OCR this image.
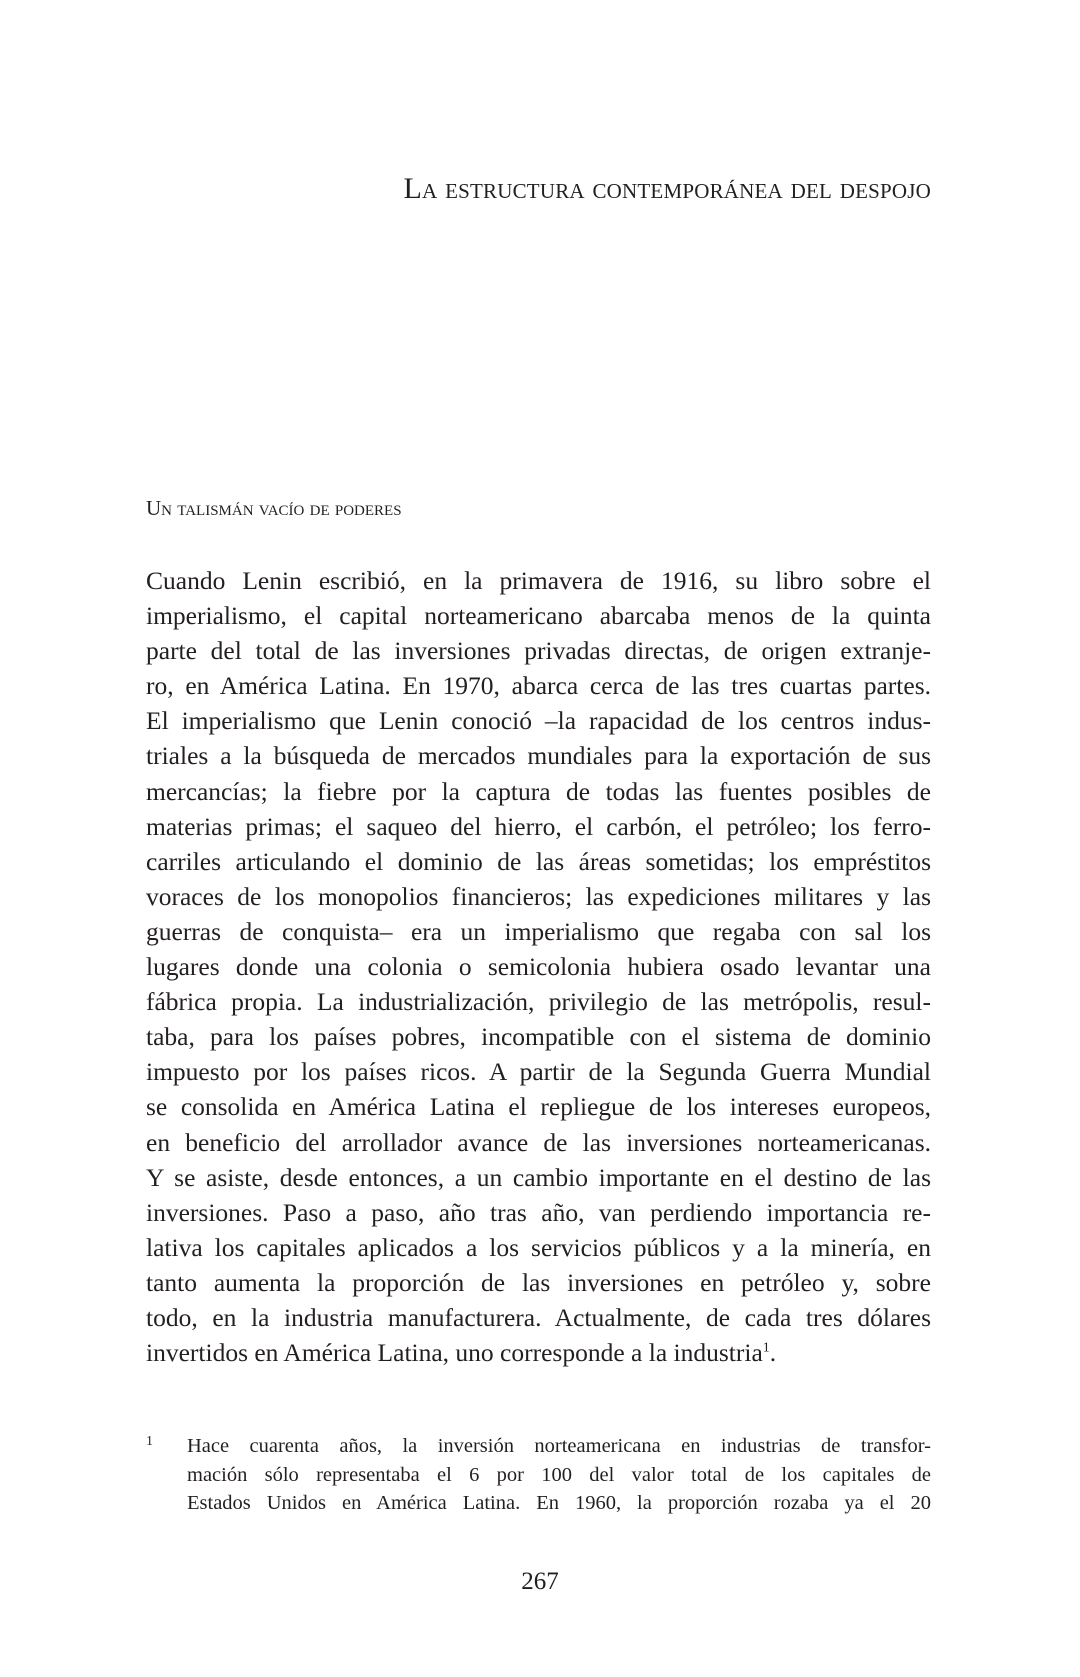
La estructura contemporánea del despojo
Un talismán vacío de poderes
Cuando Lenin escribió, en la primavera de 1916, su libro sobre el
imperialismo, el capital norteamericano abarcaba menos de la quinta
parte del total de las inversiones privadas directas, de origen extranje-
ro, en América Latina. En 1970, abarca cerca de las tres cuartas partes.
El imperialismo que Lenin conoció –la rapacidad de los centros indus-
triales a la búsqueda de mercados mundiales para la exportación de sus
mercancías; la fiebre por la captura de todas las fuentes posibles de
materias primas; el saqueo del hierro, el carbón, el petróleo; los ferro-
carriles articulando el dominio de las áreas sometidas; los empréstitos
voraces de los monopolios financieros; las expediciones militares y las
guerras de conquista– era un imperialismo que regaba con sal los
lugares donde una colonia o semicolonia hubiera osado levantar una
fábrica propia. La industrialización, privilegio de las metrópolis, resul-
taba, para los países pobres, incompatible con el sistema de dominio
impuesto por los países ricos. A partir de la Segunda Guerra Mundial
se consolida en América Latina el repliegue de los intereses europeos,
en beneficio del arrollador avance de las inversiones norteamericanas.
Y se asiste, desde entonces, a un cambio importante en el destino de las
inversiones. Paso a paso, año tras año, van perdiendo importancia re-
lativa los capitales aplicados a los servicios públicos y a la minería, en
tanto aumenta la proporción de las inversiones en petróleo y, sobre
todo, en la industria manufacturera. Actualmente, de cada tres dólares
invertidos en América Latina, uno corresponde a la industria$^1$.
1 Hace cuarenta años, la inversión norteamericana en industrias de transfor-
mación sólo representaba el 6 por 100 del valor total de los capitales de
Estados Unidos en América Latina. En 1960, la proporción rozaba ya el 20
267
